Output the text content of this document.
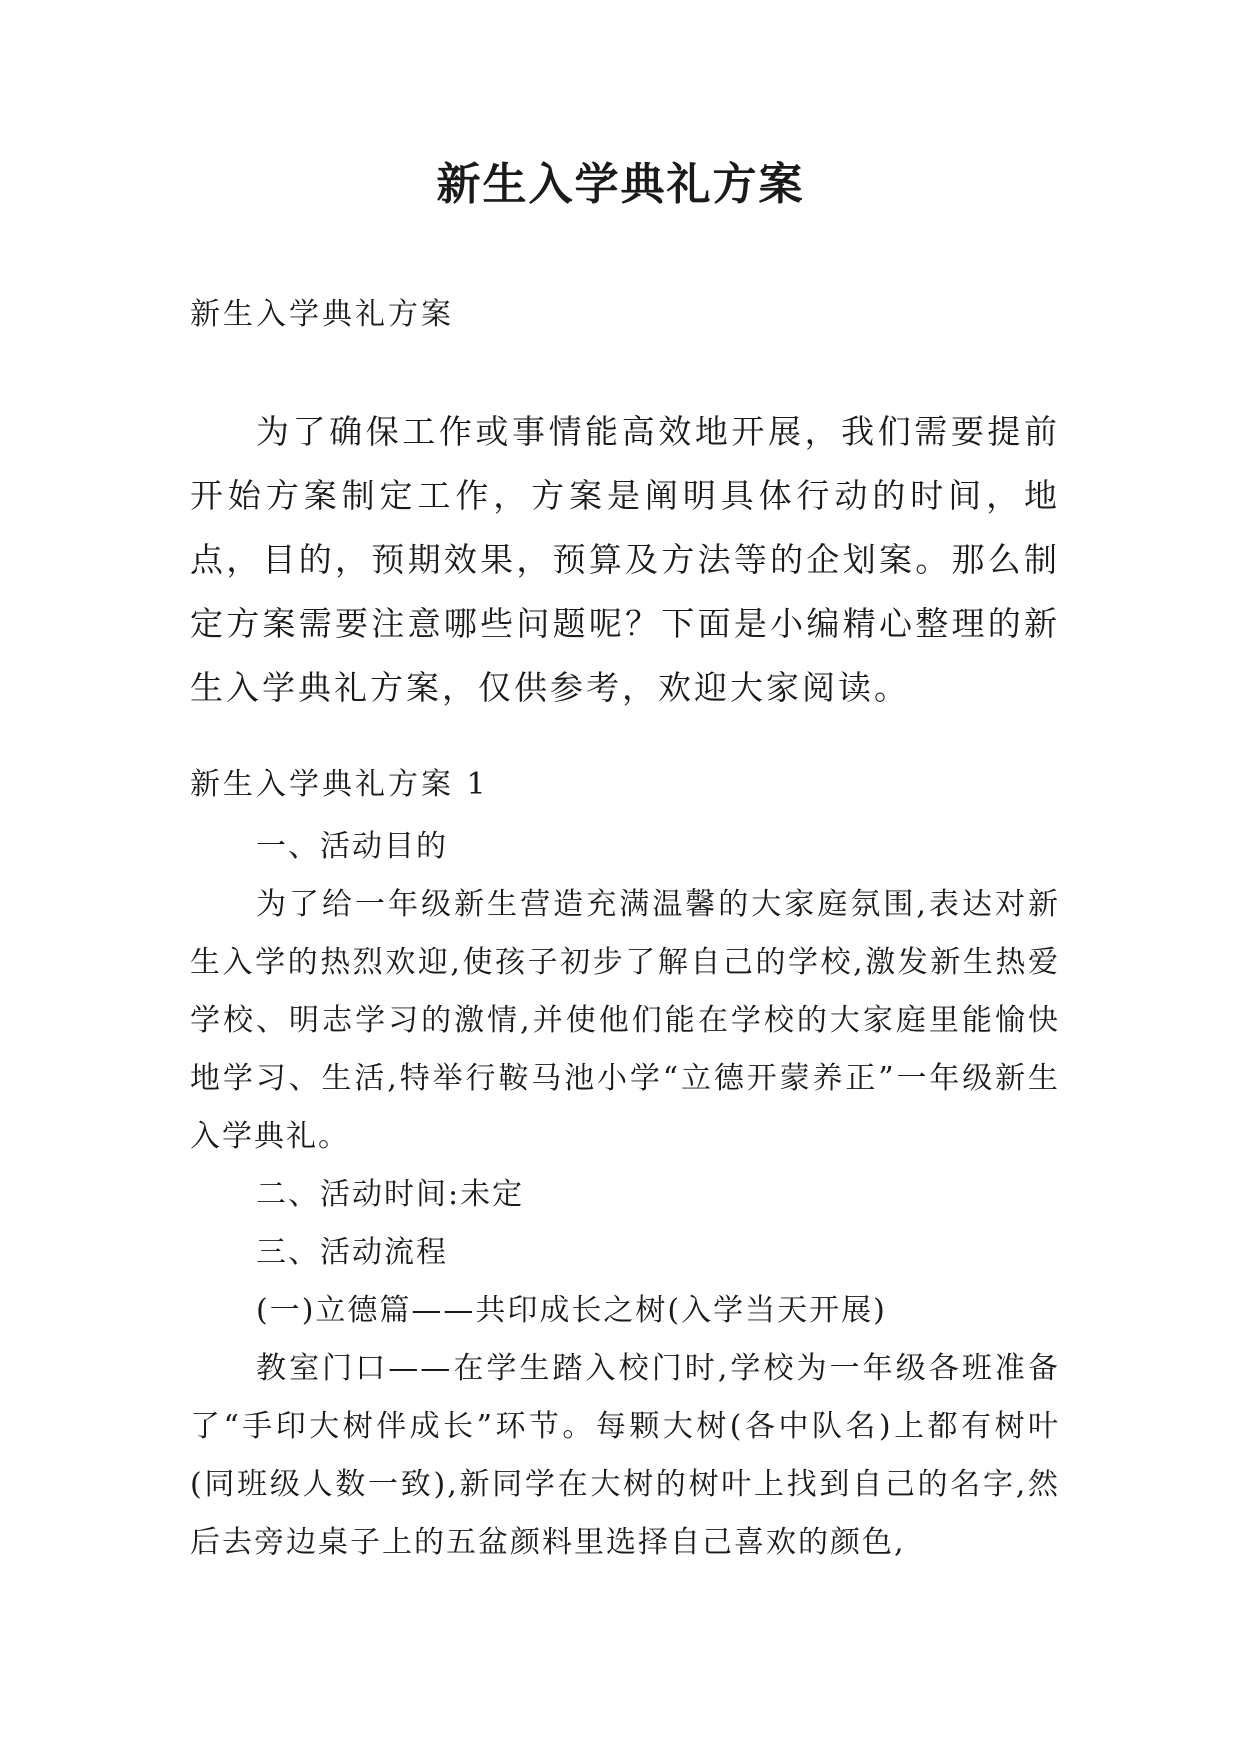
新生入学典礼方案
新生入学典礼方案

为了确保工作或事情能高效地开展，我们需要提前开始方案制定工作，方案是阐明具体行动的时间，地点，目的，预期效果，预算及方法等的企划案。那么制定方案需要注意哪些问题呢？下面是小编精心整理的新生入学典礼方案，仅供参考，欢迎大家阅读。

新生入学典礼方案 1

一、活动目的

为了给一年级新生营造充满温馨的大家庭氛围,表达对新生入学的热烈欢迎,使孩子初步了解自己的学校,激发新生热爱学校、明志学习的激情,并使他们能在学校的大家庭里能愉快地学习、生活,特举行鞍马池小学“立德开蒙养正”一年级新生入学典礼。

二、活动时间:未定

三、活动流程

(一)立德篇——共印成长之树(入学当天开展)

教室门口——在学生踏入校门时,学校为一年级各班准备了“手印大树伴成长”环节。每颗大树(各中队名)上都有树叶(同班级人数一致),新同学在大树的树叶上找到自己的名字,然后去旁边桌子上的五盆颜料里选择自己喜欢的颜色,
